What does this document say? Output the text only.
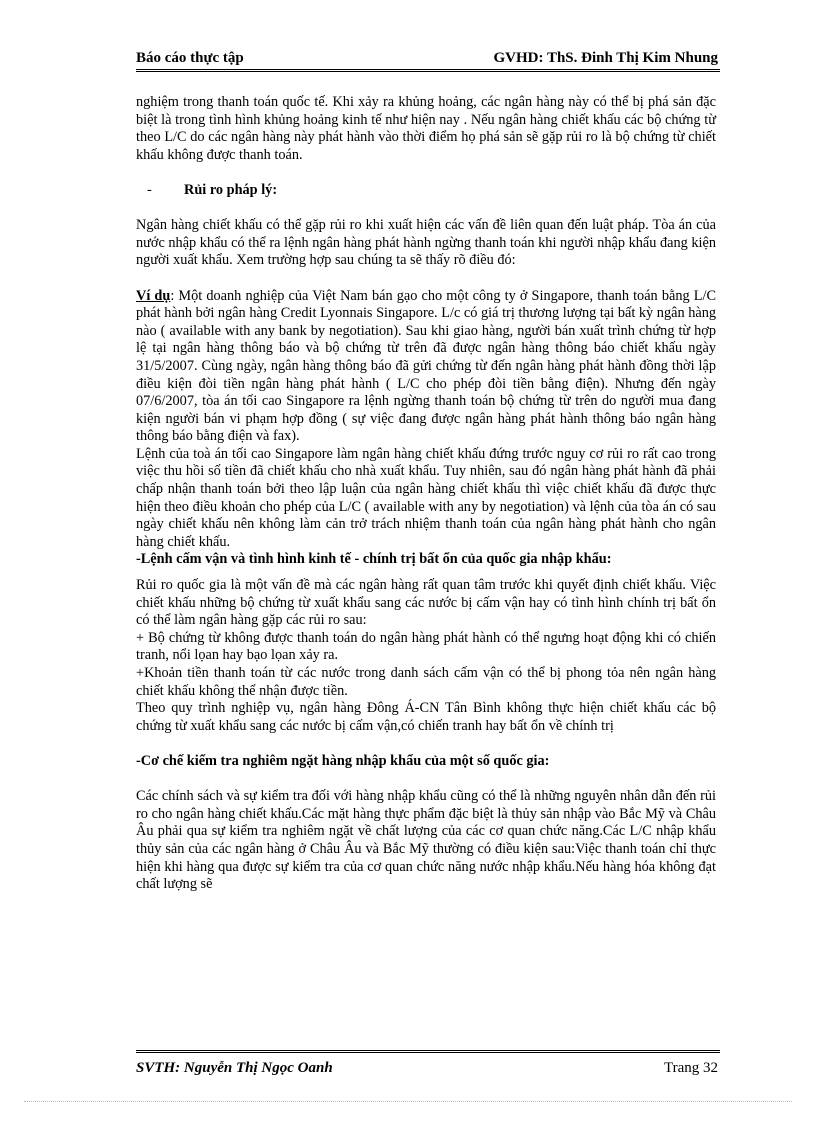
Báo cáo thực tập	GVHD: ThS. Đinh Thị Kim Nhung

nghiệm trong thanh toán quốc tế. Khi xảy ra khủng hoảng, các ngân hàng này có thể bị phá sản đặc biệt là trong tình hình khủng hoảng kinh tế như hiện nay . Nếu ngân hàng chiết khấu các bộ chứng từ theo L/C do các ngân hàng này phát hành vào thời điểm họ phá sản sẽ gặp rủi ro là bộ chứng từ chiết khấu không được thanh toán.

- Rủi ro pháp lý:

Ngân hàng chiết khấu có thể gặp rủi ro khi xuất hiện các vấn đề liên quan đến luật pháp. Tòa án của nước nhập khẩu có thể ra lệnh ngân hàng phát hành ngừng thanh toán khi người nhập khẩu đang kiện người xuất khẩu. Xem trường hợp sau chúng ta sẽ thấy rõ điều đó:

Ví dụ: Một doanh nghiệp của Việt Nam bán gạo cho một công ty ở Singapore, thanh toán bằng L/C phát hành bởi ngân hàng Credit Lyonnais Singapore. L/c có giá trị thương lượng tại bất kỳ ngân hàng nào ( available with any bank by negotiation). Sau khi giao hàng, người bán xuất trình chứng từ hợp lệ tại ngân hàng thông báo và bộ chứng từ trên đã được ngân hàng thông báo chiết khấu ngày 31/5/2007. Cùng ngày, ngân hàng thông báo đã gửi chứng từ đến ngân hàng phát hành đồng thời lập điều kiện đòi tiền ngân hàng phát hành ( L/C cho phép đòi tiền bằng điện). Nhưng đến ngày 07/6/2007, tòa án tối cao Singapore ra lệnh ngừng thanh toán bộ chứng từ trên do người mua đang kiện người bán vi phạm hợp đồng ( sự việc đang được ngân hàng phát hành thông báo ngân hàng thông báo bằng điện và fax).

Lệnh của toà án tối cao Singapore làm ngân hàng chiết khấu đứng trước nguy cơ rủi ro rất cao trong việc thu hồi số tiền đã chiết khấu cho nhà xuất khẩu. Tuy nhiên, sau đó ngân hàng phát hành đã phải chấp nhận thanh toán bởi theo lập luận của ngân hàng chiết khấu thì việc chiết khấu đã được thực hiện theo điều khoản cho phép của L/C ( available with any by negotiation) và lệnh của tòa án có sau ngày chiết khấu nên không làm cản trở trách nhiệm thanh toán của ngân hàng phát hành cho ngân hàng chiết khấu.

-Lệnh cấm vận và tình hình kinh tế - chính trị bất ổn của quốc gia nhập khẩu:

Rủi ro quốc gia là một vấn đề mà các ngân hàng rất quan tâm trước khi quyết định chiết khấu. Việc chiết khấu những bộ chứng từ xuất khẩu sang các nước bị cấm vận hay có tình hình chính trị bất ổn có thể làm ngân hàng gặp các rủi ro sau:

+ Bộ chứng từ không được thanh toán do ngân hàng phát hành có thể ngưng hoạt động khi có chiến tranh, nổi lọan hay bạo lọan xảy ra.

+Khoản tiền thanh toán từ các nước trong danh sách cấm vận có thể bị phong tỏa nên ngân hàng chiết khấu không thể nhận được tiền.

Theo quy trình nghiệp vụ, ngân hàng Đông Á-CN Tân Bình không thực hiện chiết khấu các bộ chứng từ xuất khẩu sang các nước bị cấm vận,có chiến tranh hay bất ổn về chính trị

-Cơ chế kiểm tra nghiêm ngặt hàng nhập khẩu của một số quốc gia:

Các chính sách và sự kiểm tra đối với hàng nhập khẩu cũng có thể là những nguyên nhân dẫn đến rủi ro cho ngân hàng chiết khấu.Các mặt hàng thực phẩm đặc biệt là thủy sản nhập vào Bắc Mỹ và Châu Âu phải qua sự kiểm tra nghiêm ngặt về chất lượng của các cơ quan chức năng.Các L/C nhập khẩu thủy sản của các ngân hàng ở Châu Âu và Bắc Mỹ thường có điều kiện sau:Việc thanh toán chỉ thực hiện khi hàng qua được sự kiểm tra của cơ quan chức năng nước nhập khẩu.Nếu hàng hóa không đạt chất lượng sẽ

SVTH: Nguyễn Thị Ngọc Oanh	Trang 32
